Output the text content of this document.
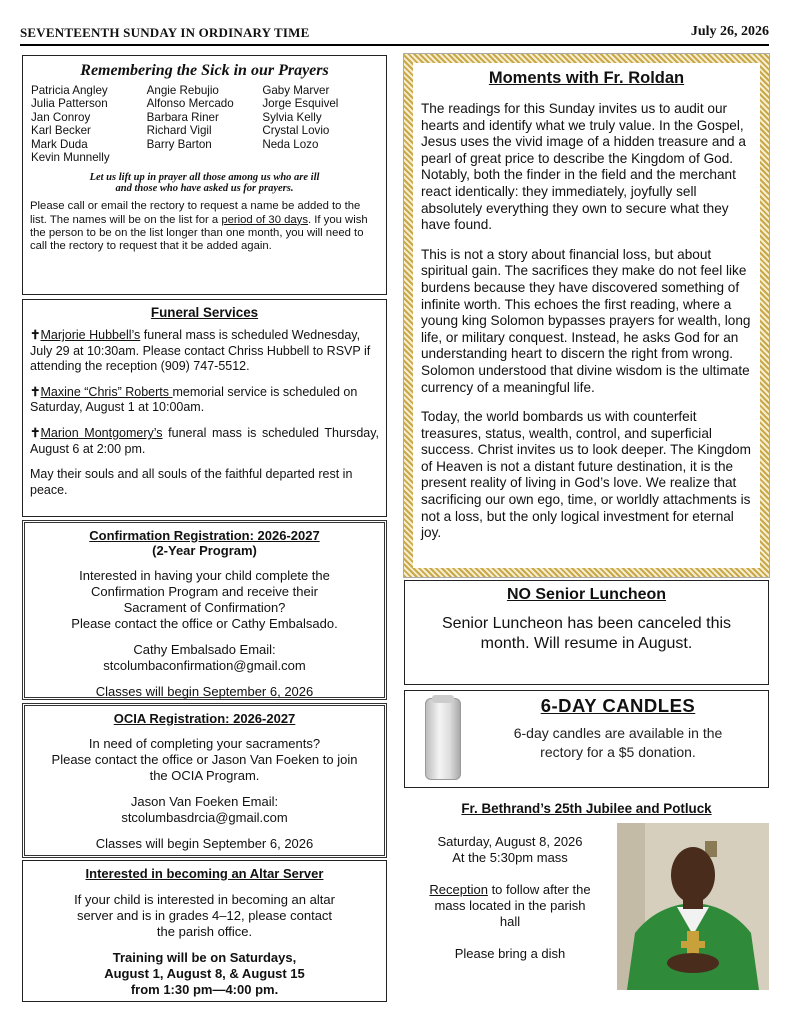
SEVENTEENTH SUNDAY IN ORDINARY TIME	July 26, 2026
Remembering the Sick in our Prayers

Patricia Angley

Julia Patterson

Jan Conroy

Karl Becker

Mark Duda

Kevin Munnelly

Angie Rebujio

Alfonso Mercado

Barbara Riner

Richard Vigil

Barry Barton

Gaby Marver

Jorge Esquivel

Sylvia Kelly

Crystal Lovio

Neda Lozo

Let us lift up in prayer all those among us who are ill
and those who have asked us for prayers.

Please call or email the rectory to request a name be added to the list. The names will be on the list for a period of 30 days. If you wish the person to be on the list longer than one month, you will need to call the rectory to request that it be added again.

Funeral Services

✝Marjorie Hubbell’s funeral mass is scheduled Wednesday, July 29 at 10:30am. Please contact Chriss Hubbell to RSVP if attending the reception (909) 747-5512.

✝Maxine “Chris” Roberts memorial service is scheduled on Saturday, August 1 at 10:00am.

✝Marion Montgomery’s funeral mass is scheduled Thursday, August 6 at 2:00 pm.

May their souls and all souls of the faithful departed rest in peace.

Confirmation Registration: 2026-2027
(2-Year Program)
Interested in having your child complete the
Confirmation Program and receive their
Sacrament of Confirmation?
Please contact the office or Cathy Embalsado.
Cathy Embalsado Email:
stcolumbaconfirmation@gmail.com
Classes will begin September 6, 2026
OCIA Registration: 2026-2027
In need of completing your sacraments?
Please contact the office or Jason Van Foeken to join
the OCIA Program.
Jason Van Foeken Email:
stcolumbasdrcia@gmail.com
Classes will begin September 6, 2026
Interested in becoming an Altar Server
If your child is interested in becoming an altar
server and is in grades 4–12, please contact
the parish office.
Training will be on Saturdays,
August 1, August 8, & August 15
from 1:30 pm—4:00 pm.
Moments with Fr. Roldan

The readings for this Sunday invites us to audit our hearts and identify what we truly value. In the Gospel, Jesus uses the vivid image of a hidden treasure and a pearl of great price to describe the Kingdom of God. Notably, both the finder in the field and the merchant react identically: they immediately, joyfully sell absolutely everything they own to secure what they have found.

This is not a story about financial loss, but about spiritual gain. The sacrifices they make do not feel like burdens because they have discovered something of infinite worth. This echoes the first reading, where a young king Solomon bypasses prayers for wealth, long life, or military conquest. Instead, he asks God for an understanding heart to discern the right from wrong. Solomon understood that divine wisdom is the ultimate currency of a meaningful life.

Today, the world bombards us with counterfeit treasures, status, wealth, control, and superficial success. Christ invites us to look deeper. The Kingdom of Heaven is not a distant future destination, it is the present reality of living in God’s love. We realize that sacrificing our own ego, time, or worldly attachments is not a loss, but the only logical investment for eternal joy.

NO Senior Luncheon
Senior Luncheon has been canceled this
month. Will resume in August.
6-DAY CANDLES
6-day candles are available in the
rectory for a $5 donation.
Fr. Bethrand’s 25th Jubilee and Potluck
Saturday, August 8, 2026
At the 5:30pm mass
Reception to follow after the
mass located in the parish
hall
Please bring a dish
